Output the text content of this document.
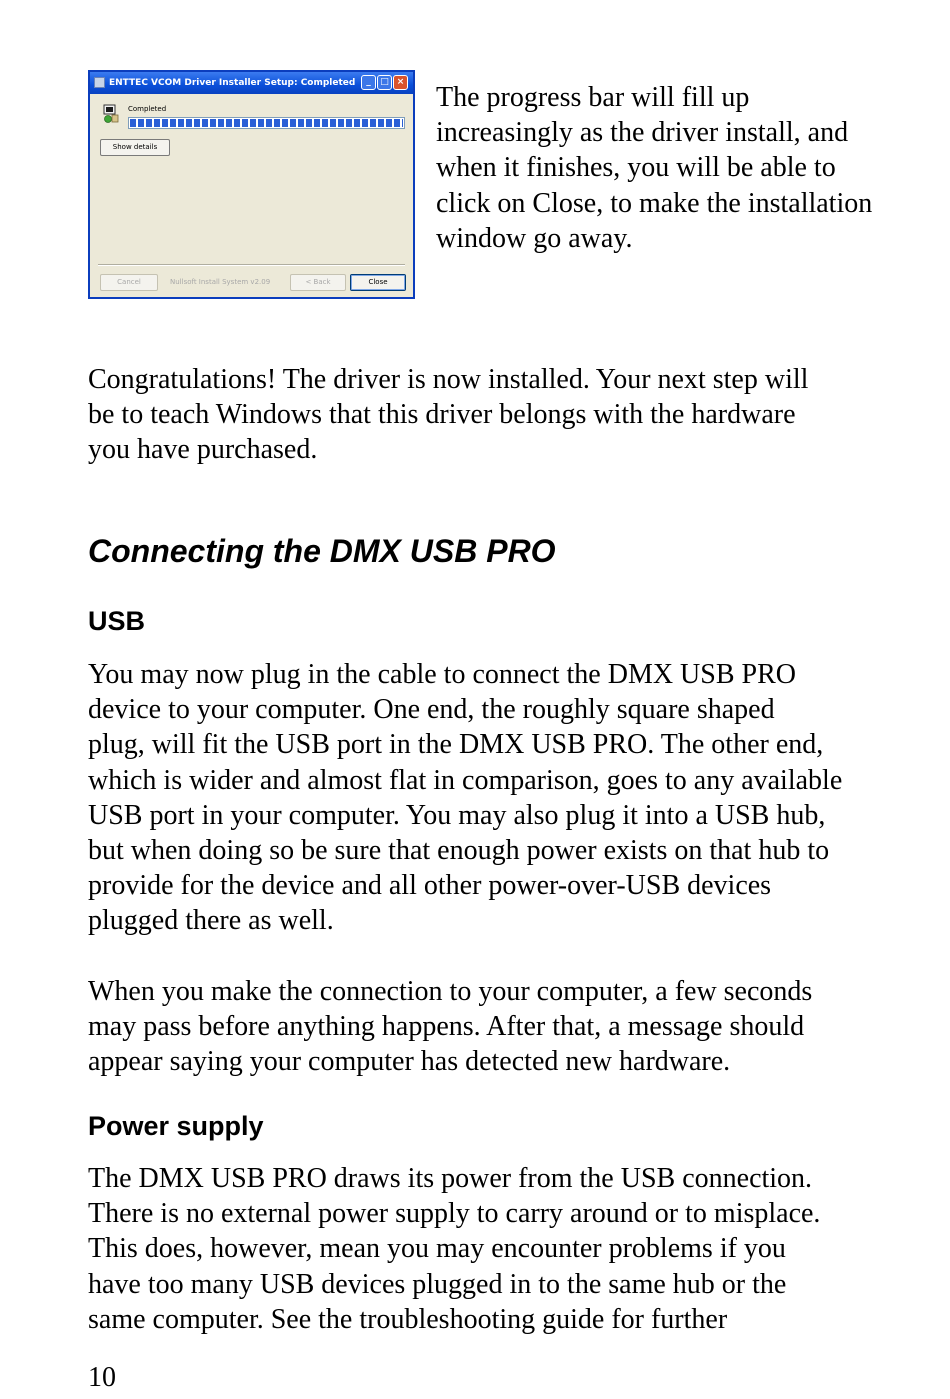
ENTTEC VCOM Driver Installer Setup: Completed	_	□ ×
Completed
Show details
Cancel	Nullsoft Install System v2.09	< Back	Close

The progress bar will fill up
increasingly as the driver install, and
when it finishes, you will be able to
click on Close, to make the installation
window go away.

Congratulations! The driver is now installed. Your next step will
be to teach Windows that this driver belongs with the hardware
you have purchased.

Connecting the DMX USB PRO
USB

You may now plug in the cable to connect the DMX USB PRO
device to your computer. One end, the roughly square shaped
plug, will fit the USB port in the DMX USB PRO. The other end,
which is wider and almost flat in comparison, goes to any available
USB port in your computer. You may also plug it into a USB hub,
but when doing so be sure that enough power exists on that hub to
provide for the device and all other power-over-USB devices
plugged there as well.

When you make the connection to your computer, a few seconds
may pass before anything happens. After that, a message should
appear saying your computer has detected new hardware.

Power supply

The DMX USB PRO draws its power from the USB connection.
There is no external power supply to carry around or to misplace.
This does, however, mean you may encounter problems if you
have too many USB devices plugged in to the same hub or the
same computer. See the troubleshooting guide for further

10
